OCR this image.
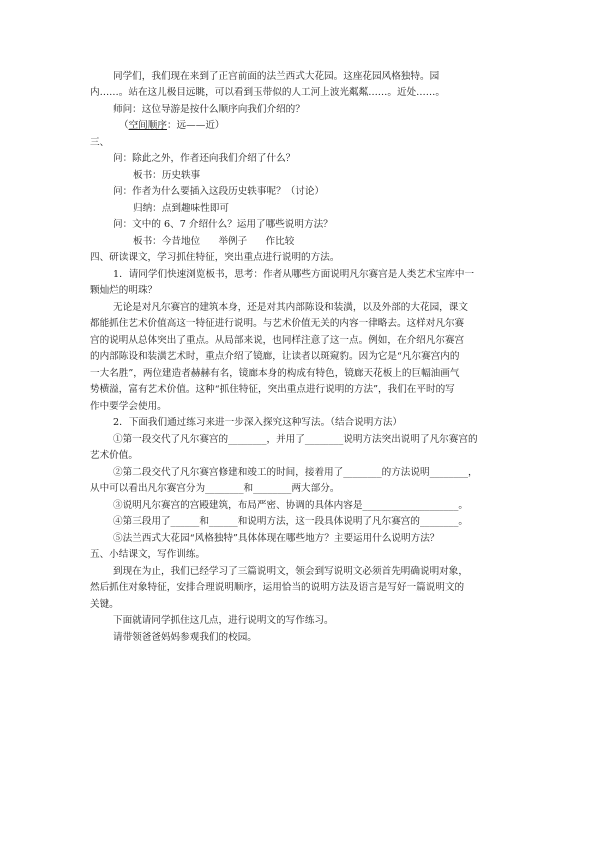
同学们，我们现在来到了正宫前面的法兰西式大花园。这座花园风格独特。园

内……。站在这儿极目远眺，可以看到玉带似的人工河上波光粼粼……。近处……。

师问：这位导游是按什么顺序向我们介绍的？

（空间顺序：远——近）

三、

问：除此之外，作者还向我们介绍了什么？

板书：历史轶事

问：作者为什么要插入这段历史轶事呢？（讨论）

归纳：点到趣味性即可

问：文中的 6、7 介绍什么？运用了哪些说明方法？

板书：今昔地位      举例子      作比较

四、研读课文，学习抓住特征，突出重点进行说明的方法。

1．请同学们快速浏览板书，思考：作者从哪些方面说明凡尔赛宫是人类艺术宝库中一

颗灿烂的明珠？

无论是对凡尔赛宫的建筑本身，还是对其内部陈设和装潢，以及外部的大花园，课文

都能抓住艺术价值高这一特征进行说明。与艺术价值无关的内容一律略去。这样对凡尔赛

宫的说明从总体突出了重点。从局部来说，也同样注意了这一点。例如，在介绍凡尔赛宫

的内部陈设和装潢艺术时，重点介绍了镜廊，让读者以斑窥豹。因为它是“凡尔赛宫内的

一大名胜”，两位建造者赫赫有名，镜廊本身的构成有特色，镜廊天花板上的巨幅油画气

势横溢，富有艺术价值。这种“抓住特征，突出重点进行说明的方法”，我们在平时的写

作中要学会使用。

2．下面我们通过练习来进一步深入探究这种写法。（结合说明方法）

①第一段交代了凡尔赛宫的________，并用了________说明方法突出说明了凡尔赛宫的

艺术价值。

②第二段交代了凡尔赛宫修建和竣工的时间，接着用了________的方法说明________，

从中可以看出凡尔赛宫分为________和________两大部分。

③说明凡尔赛宫的宫殿建筑，布局严密、协调的具体内容是____________________。

④第三段用了______和______和说明方法，这一段具体说明了凡尔赛宫的________。

⑤法兰西式大花园“风格独特”具体体现在哪些地方？主要运用什么说明方法？

五、小结课文，写作训练。

到现在为止，我们已经学习了三篇说明文，领会到写说明文必须首先明确说明对象，

然后抓住对象特征，安排合理说明顺序，运用恰当的说明方法及语言是写好一篇说明文的

关键。

下面就请同学抓住这几点，进行说明文的写作练习。

请带领爸爸妈妈参观我们的校园。
